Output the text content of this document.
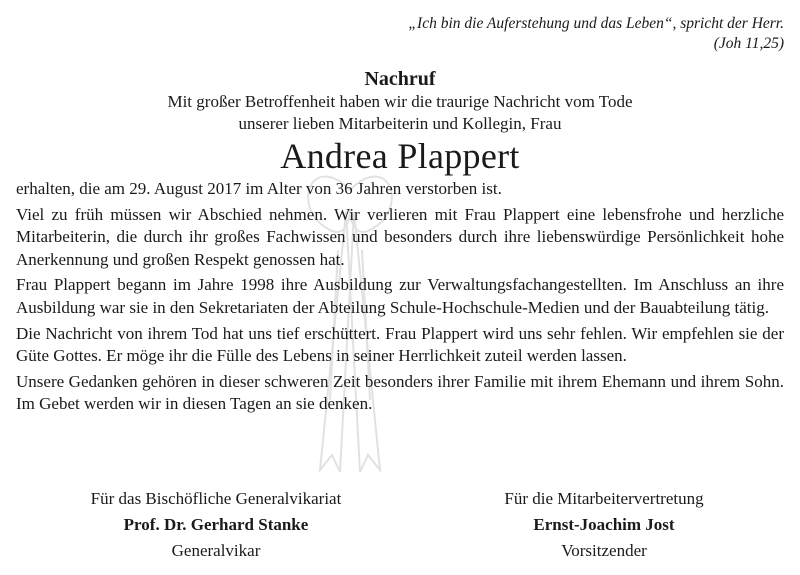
„Ich bin die Auferstehung und das Leben“, spricht der Herr.
(Joh 11,25)
Nachruf
Mit großer Betroffenheit haben wir die traurige Nachricht vom Tode
unserer lieben Mitarbeiterin und Kollegin, Frau
Andrea Plappert

erhalten, die am 29. August 2017 im Alter von 36 Jahren verstorben ist.

Viel zu früh müssen wir Abschied nehmen. Wir verlieren mit Frau Plappert eine lebensfrohe und herzliche Mitarbeiterin, die durch ihr großes Fachwissen und besonders durch ihre liebenswürdige Persönlichkeit hohe Anerkennung und großen Respekt genossen hat.

Frau Plappert begann im Jahre 1998 ihre Ausbildung zur Verwaltungsfachangestellten. Im Anschluss an ihre Ausbildung war sie in den Sekretariaten der Abteilung Schule-Hochschule-Medien und der Bauabteilung tätig.

Die Nachricht von ihrem Tod hat uns tief erschüttert. Frau Plappert wird uns sehr fehlen. Wir empfehlen sie der Güte Gottes. Er möge ihr die Fülle des Lebens in seiner Herrlichkeit zuteil werden lassen.

Unsere Gedanken gehören in dieser schweren Zeit besonders ihrer Familie mit ihrem Ehemann und ihrem Sohn. Im Gebet werden wir in diesen Tagen an sie denken.

Für das Bischöfliche Generalvikariat
Prof. Dr. Gerhard Stanke
Generalvikar
Für die Mitarbeitervertretung
Ernst-Joachim Jost
Vorsitzender
